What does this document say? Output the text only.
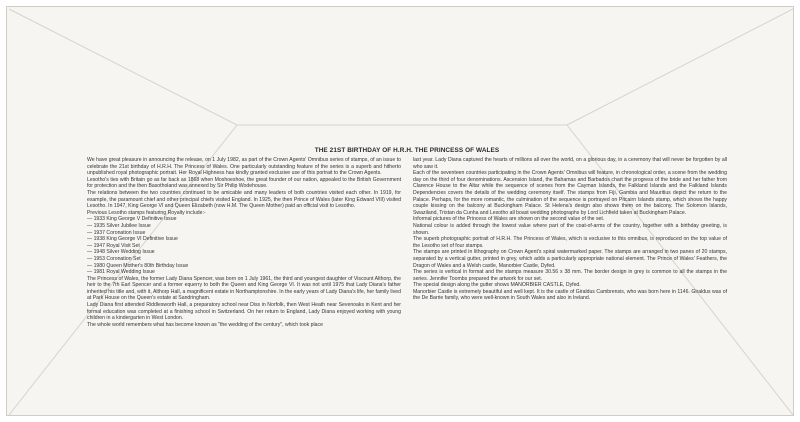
THE 21ST BIRTHDAY OF H.R.H. THE PRINCESS OF WALES

We have great pleasure in announcing the release, on 1 July 1982, as part of the Crown Agents' Omnibus series of stamps, of an issue to celebrate the 21st birthday of H.R.H. The Princess of Wales. One particularly outstanding feature of the series is a superb and hitherto unpublished royal photographic portrait. Her Royal Highness has kindly granted exclusive use of this portrait to the Crown Agents.

Lesotho's ties with Britain go as far back as 1868 when Moshoeshoe, the great founder of our nation, appealed to the British Government for protection and the then Basotholand was annexed by Sir Philip Wodehouse.

The relations between the two countries continued to be amicable and many leaders of both countries visited each other. In 1919, for example, the paramount chief and other principal chiefs visited England. In 1925, the then Prince of Wales (later King Edward VIII) visited Lesotho. In 1947, King George VI and Queen Elizabeth (now H.M. The Queen Mother) paid an official visit to Lesotho.

Previous Lesotho stamps featuring Royalty include:-

— 1933 King George V Definitive Issue
— 1935 Silver Jubilee Issue
— 1937 Coronation Issue
— 1938 King George VI Definitive Issue
— 1947 Royal Visit Set
— 1948 Silver Wedding Issue
— 1953 Coronation Set
— 1980 Queen Mother's 80th Birthday Issue
— 1981 Royal Wedding Issue

The Princess of Wales, the former Lady Diana Spencer, was born on 1 July 1961, the third and youngest daughter of Viscount Althorp, the heir to the 7th Earl Spencer and a former equerry to both the Queen and King George VI. It was not until 1975 that Lady Diana's father inherited his title and, with it, Althorp Hall, a magnificent estate in Northamptonshire. In the early years of Lady Diana's life, her family lived at Park House on the Queen's estate at Sandringham.

Lady Diana first attended Riddlesworth Hall, a preparatory school near Diss in Norfolk, then West Heath near Sevenoaks in Kent and her formal education was completed at a finishing school in Switzerland. On her return to England, Lady Diana enjoyed working with young children in a kindergarten in West London.

The whole world remembers what has become known as "the wedding of the century", which took place

last year. Lady Diana captured the hearts of millions all over the world, on a glorious day, in a ceremony that will never be forgotten by all who saw it.

Each of the seventeen countries participating in the Crown Agents' Omnibus will feature, in chronological order, a scene from the wedding day on the third of four denominations. Ascension Island, the Bahamas and Barbados chart the progress of the bride and her father from Clarence House to the Altar while the sequence of scenes from the Cayman Islands, the Falkland Islands and the Falkland Islands Dependencies covers the details of the wedding ceremony itself. The stamps from Fiji, Gambia and Mauritius depict the return to the Palace. Perhaps, for the more romantic, the culmination of the sequence is portrayed on Pitcairn Islands stamp, which shows the happy couple kissing on the balcony at Buckingham Palace. St Helena's design also shows them on the balcony. The Solomon Islands, Swaziland, Tristan da Cunha and Lesotho all boast wedding photographs by Lord Lichfield taken at Buckingham Palace.

Informal pictures of the Princess of Wales are shown on the second value of the set.

National colour is added through the lowest value where part of the coat-of-arms of the country, together with a birthday greeting, is shown.

The superb photographic portrait of H.R.H. The Princess of Wales, which is exclusive to this omnibus, is reproduced on the top value of the Lesotho set of four stamps.

The stamps are printed in lithography on Crown Agent's spiral watermarked paper. The stamps are arranged in two panes of 20 stamps, separated by a vertical gutter, printed in grey, which adds a particularly appropriate national element. The Prince of Wales' Feathers, the Dragon of Wales and a Welsh castle, Manorbier Castle, Dyfed.

The series is vertical in format and the stamps measure 30.56 x 38 mm. The border design in grey is common to all the stamps in the series. Jennifer Toombs prepared the artwork for our set.

The special design along the gutter shows MANORBIER CASTLE, Dyfed.

Manorbier Castle is extremely beautiful and well kept. It is the castle of Giraldus Cambrensis, who was born here in 1146. Giraldus was of the De Barrie family, who were well-known in South Wales and also in Ireland.
